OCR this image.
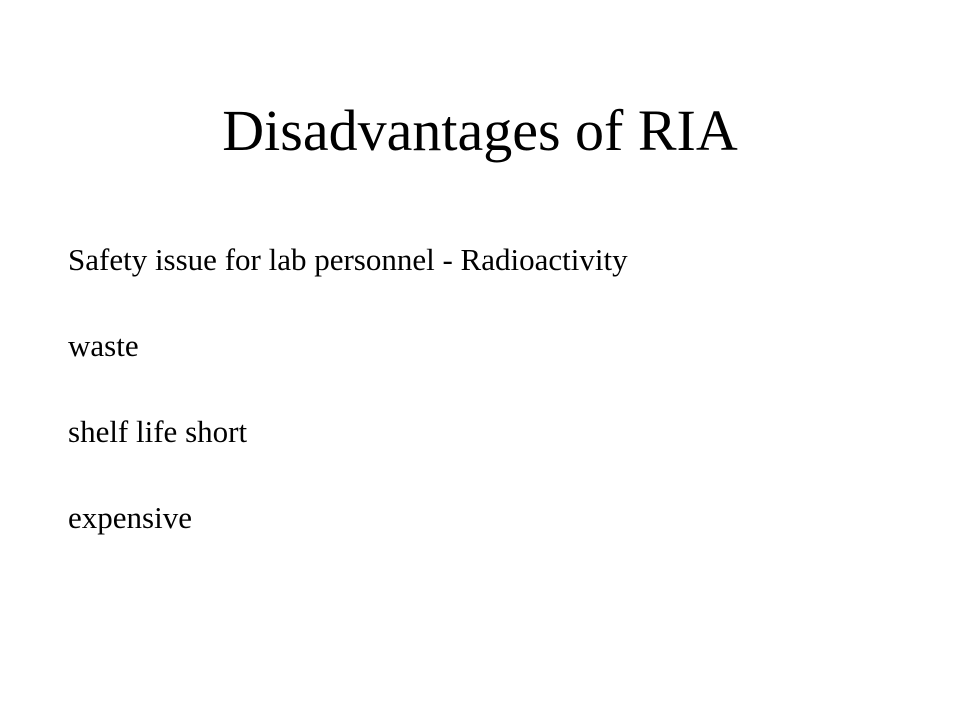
Disadvantages of RIA
Safety issue for lab personnel - Radioactivity
waste
shelf life short
expensive
